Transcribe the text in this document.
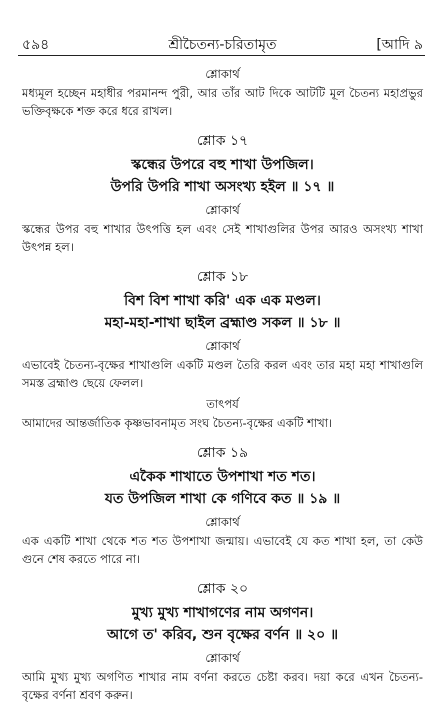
৫৯৪	শ্রীচৈতন্য-চরিতামৃত	[আদি ৯
শ্লোকার্থ
মধ্যমূল হচ্ছেন মহাধীর পরমানন্দ পুরী, আর তাঁর আট দিকে আটটি মূল চৈতন্য মহাপ্রভুর ভক্তিবৃক্ষকে শক্ত করে ধরে রাখল।
শ্লোক ১৭
স্কন্ধের উপরে বহু শাখা উপজিল।
উপরি উপরি শাখা অসংখ্য হইল ॥ ১৭ ॥
শ্লোকার্থ
স্কন্ধের উপর বহু শাখার উৎপত্তি হল এবং সেই শাখাগুলির উপর আরও অসংখ্য শাখা উৎপন্ন হল।
শ্লোক ১৮
বিশ বিশ শাখা করি' এক এক মণ্ডল।
মহা-মহা-শাখা ছাইল ব্রহ্মাণ্ড সকল ॥ ১৮ ॥
শ্লোকার্থ
এভাবেই চৈতন্য-বৃক্ষের শাখাগুলি একটি মণ্ডল তৈরি করল এবং তার মহা মহা শাখাগুলি সমস্ত ব্রহ্মাণ্ড ছেয়ে ফেলল।
তাৎপর্য
আমাদের আন্তর্জাতিক কৃষ্ণভাবনামৃত সংঘ চৈতন্য-বৃক্ষের একটি শাখা।
শ্লোক ১৯
একৈক শাখাতে উপশাখা শত শত।
যত উপজিল শাখা কে গণিবে কত ॥ ১৯ ॥
শ্লোকার্থ
এক একটি শাখা থেকে শত শত উপশাখা জন্মায়। এভাবেই যে কত শাখা হল, তা কেউ গুনে শেষ করতে পারে না।
শ্লোক ২০
মুখ্য মুখ্য শাখাগণের নাম অগণন।
আগে ত' করিব, শুন বৃক্ষের বর্ণন ॥ ২০ ॥
শ্লোকার্থ
আমি মুখ্য মুখ্য অগণিত শাখার নাম বর্ণনা করতে চেষ্টা করব। দয়া করে এখন চৈতন্য-বৃক্ষের বর্ণনা শ্রবণ করুন।
